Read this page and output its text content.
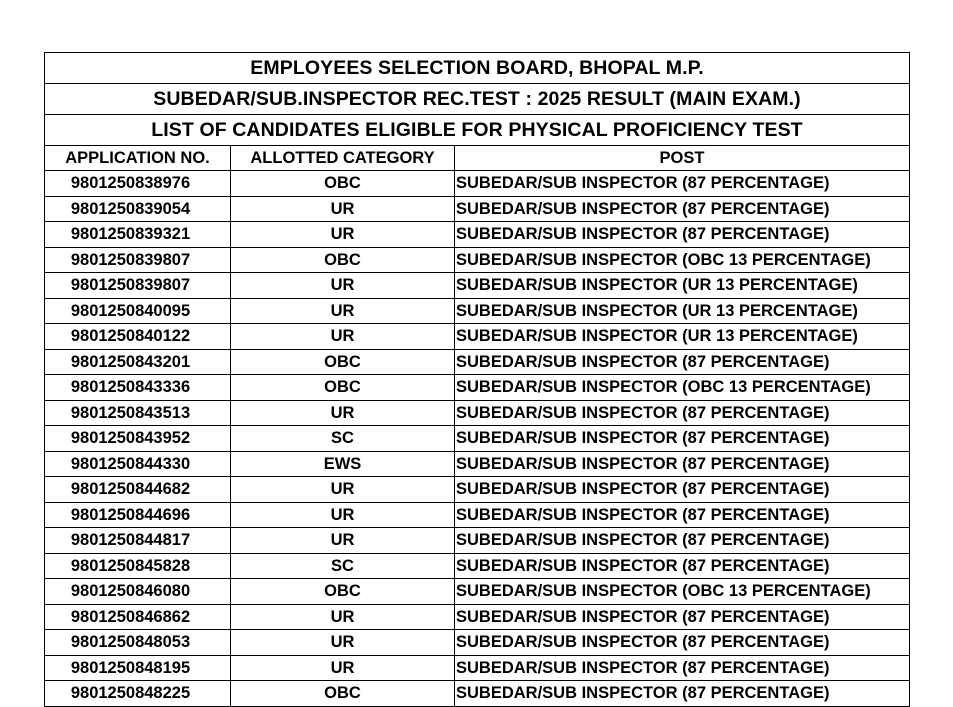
EMPLOYEES SELECTION BOARD, BHOPAL M.P.		
SUBEDAR/SUB.INSPECTOR REC.TEST : 2025 RESULT (MAIN EXAM.)		
LIST OF CANDIDATES ELIGIBLE FOR PHYSICAL PROFICIENCY TEST		
APPLICATION NO.	ALLOTTED CATEGORY	POST
9801250838976	OBC	SUBEDAR/SUB INSPECTOR (87 PERCENTAGE)
9801250839054	UR	SUBEDAR/SUB INSPECTOR (87 PERCENTAGE)
9801250839321	UR	SUBEDAR/SUB INSPECTOR (87 PERCENTAGE)
9801250839807	OBC	SUBEDAR/SUB INSPECTOR (OBC 13 PERCENTAGE)
9801250839807	UR	SUBEDAR/SUB INSPECTOR (UR 13 PERCENTAGE)
9801250840095	UR	SUBEDAR/SUB INSPECTOR (UR 13 PERCENTAGE)
9801250840122	UR	SUBEDAR/SUB INSPECTOR (UR 13 PERCENTAGE)
9801250843201	OBC	SUBEDAR/SUB INSPECTOR (87 PERCENTAGE)
9801250843336	OBC	SUBEDAR/SUB INSPECTOR (OBC 13 PERCENTAGE)
9801250843513	UR	SUBEDAR/SUB INSPECTOR (87 PERCENTAGE)
9801250843952	SC	SUBEDAR/SUB INSPECTOR (87 PERCENTAGE)
9801250844330	EWS	SUBEDAR/SUB INSPECTOR (87 PERCENTAGE)
9801250844682	UR	SUBEDAR/SUB INSPECTOR (87 PERCENTAGE)
9801250844696	UR	SUBEDAR/SUB INSPECTOR (87 PERCENTAGE)
9801250844817	UR	SUBEDAR/SUB INSPECTOR (87 PERCENTAGE)
9801250845828	SC	SUBEDAR/SUB INSPECTOR (87 PERCENTAGE)
9801250846080	OBC	SUBEDAR/SUB INSPECTOR (OBC 13 PERCENTAGE)
9801250846862	UR	SUBEDAR/SUB INSPECTOR (87 PERCENTAGE)
9801250848053	UR	SUBEDAR/SUB INSPECTOR (87 PERCENTAGE)
9801250848195	UR	SUBEDAR/SUB INSPECTOR (87 PERCENTAGE)
9801250848225	OBC	SUBEDAR/SUB INSPECTOR (87 PERCENTAGE)
